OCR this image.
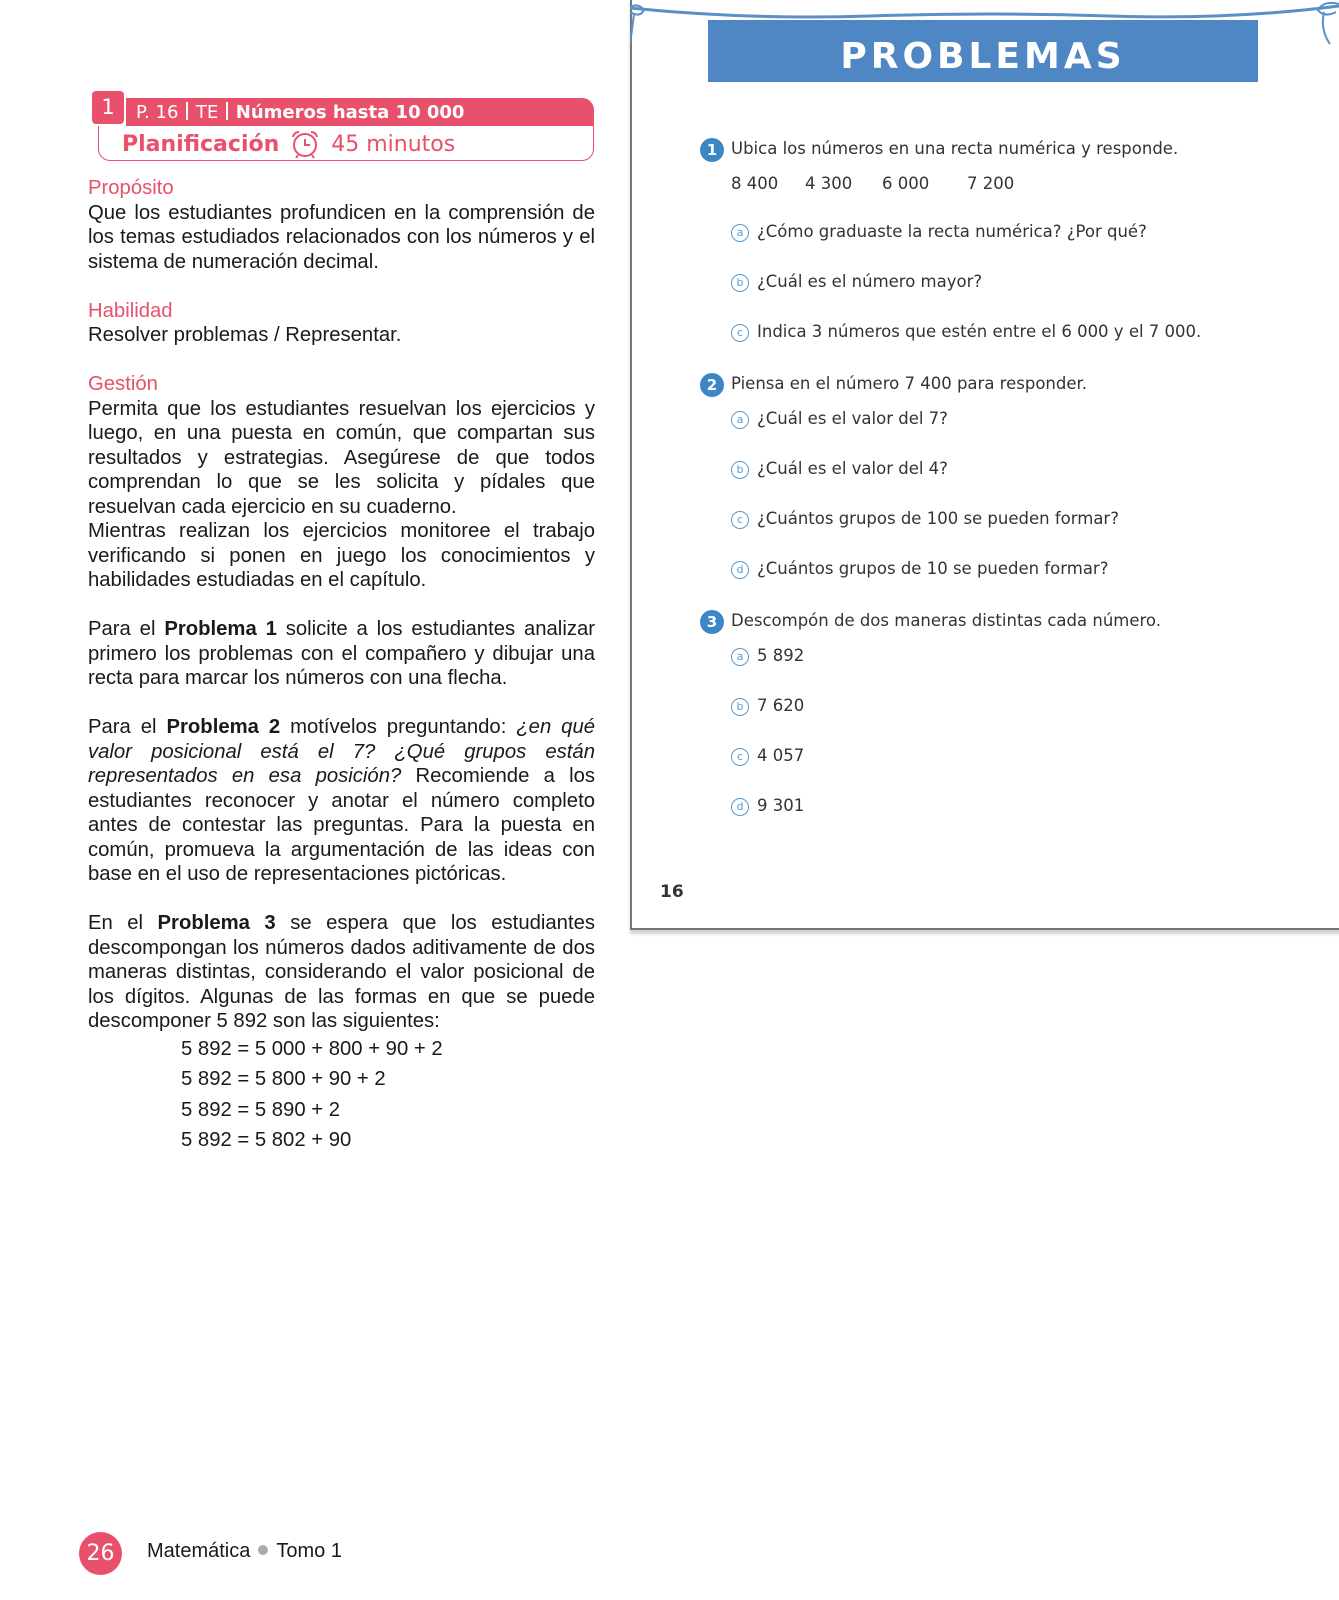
P. 16 TE Números hasta 10 000
1
Planificación 45 minutos

Propósito

Que los estudiantes profundicen en la comprensión de los temas estudiados relacionados con los números y el sistema de numeración decimal.

Habilidad

Resolver problemas / Representar.

Gestión

Permita que los estudiantes resuelvan los ejercicios y luego, en una puesta en común, que compartan sus resultados y estrategias. Asegúrese de que todos comprendan lo que se les solicita y pídales que resuelvan cada ejercicio en su cuaderno.

Mientras realizan los ejercicios monitoree el trabajo verificando si ponen en juego los conocimientos y habilidades estudiadas en el capítulo.

Para el Problema 1 solicite a los estudiantes analizar primero los problemas con el compañero y dibujar una recta para marcar los números con una flecha.

Para el Problema 2 motívelos preguntando: ¿en qué valor posicional está el 7? ¿Qué grupos están representados en esa posición? Recomiende a los estudiantes reconocer y anotar el número completo antes de contestar las preguntas. Para la puesta en común, promueva la argumentación de las ideas con base en el uso de representaciones pictóricas.

En el Problema 3 se espera que los estudiantes descompongan los números dados aditivamente de dos maneras distintas, considerando el valor posicional de los dígitos. Algunas de las formas en que se puede descomponer 5 892 son las siguientes:

5 892 = 5 000 + 800 + 90 + 2

5 892 = 5 800 + 90 + 2

5 892 = 5 890 + 2

5 892 = 5 802 + 90

26	Matemática Tomo 1
PROBLEMAS
1 Ubica los números en una recta numérica y responde.
8 400 4 300 6 000 7 200
a ¿Cómo graduaste la recta numérica? ¿Por qué?
b ¿Cuál es el número mayor?
c Indica 3 números que estén entre el 6 000 y el 7 000.
2 Piensa en el número 7 400 para responder.
a ¿Cuál es el valor del 7?
b ¿Cuál es el valor del 4?
c ¿Cuántos grupos de 100 se pueden formar?
d ¿Cuántos grupos de 10 se pueden formar?
3 Descompón de dos maneras distintas cada número.
a 5 892
b 7 620
c 4 057
d 9 301
16
